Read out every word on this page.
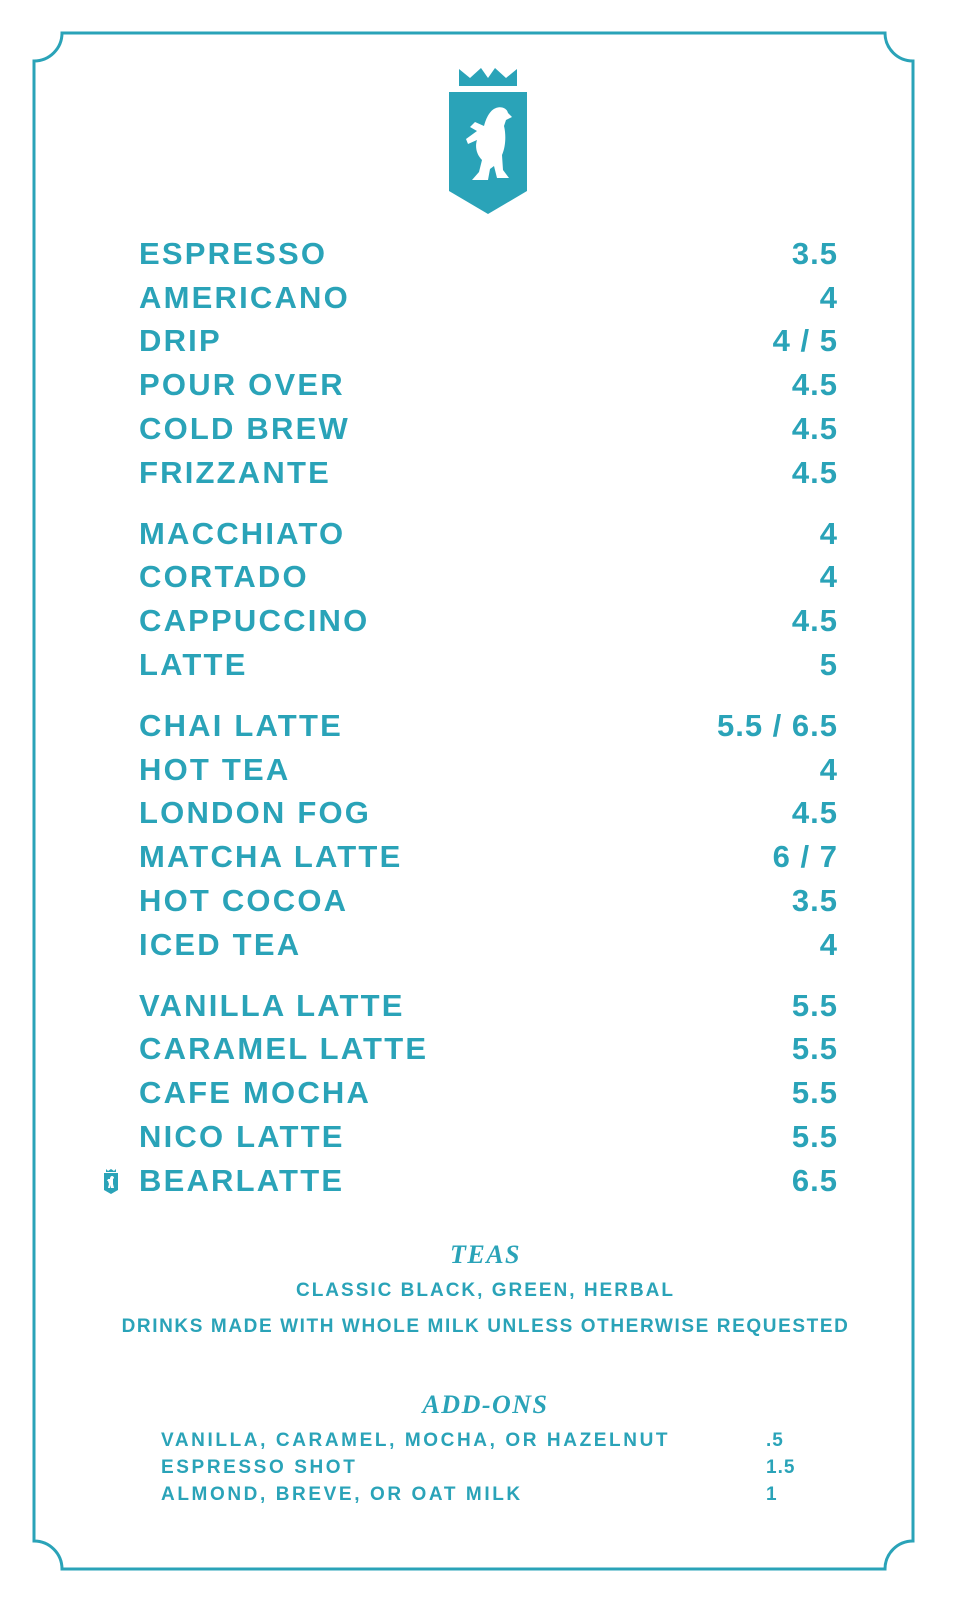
ESPRESSO	3.5
AMERICANO	4
DRIP	4 / 5
POUR OVER	4.5
COLD BREW	4.5
FRIZZANTE	4.5
MACCHIATO	4
CORTADO	4
CAPPUCCINO	4.5
LATTE	5
CHAI LATTE	5.5 / 6.5
HOT TEA	4
LONDON FOG	4.5
MATCHA LATTE	6 / 7
HOT COCOA	3.5
ICED TEA	4
VANILLA LATTE	5.5
CARAMEL LATTE	5.5
CAFE MOCHA	5.5
NICO LATTE	5.5
BEARLATTE	6.5
TEAS
CLASSIC BLACK, GREEN, HERBAL
DRINKS MADE WITH WHOLE MILK UNLESS OTHERWISE REQUESTED
ADD-ONS
VANILLA, CARAMEL, MOCHA, OR HAZELNUT	.5
ESPRESSO SHOT	1.5
ALMOND, BREVE, OR OAT MILK	1
